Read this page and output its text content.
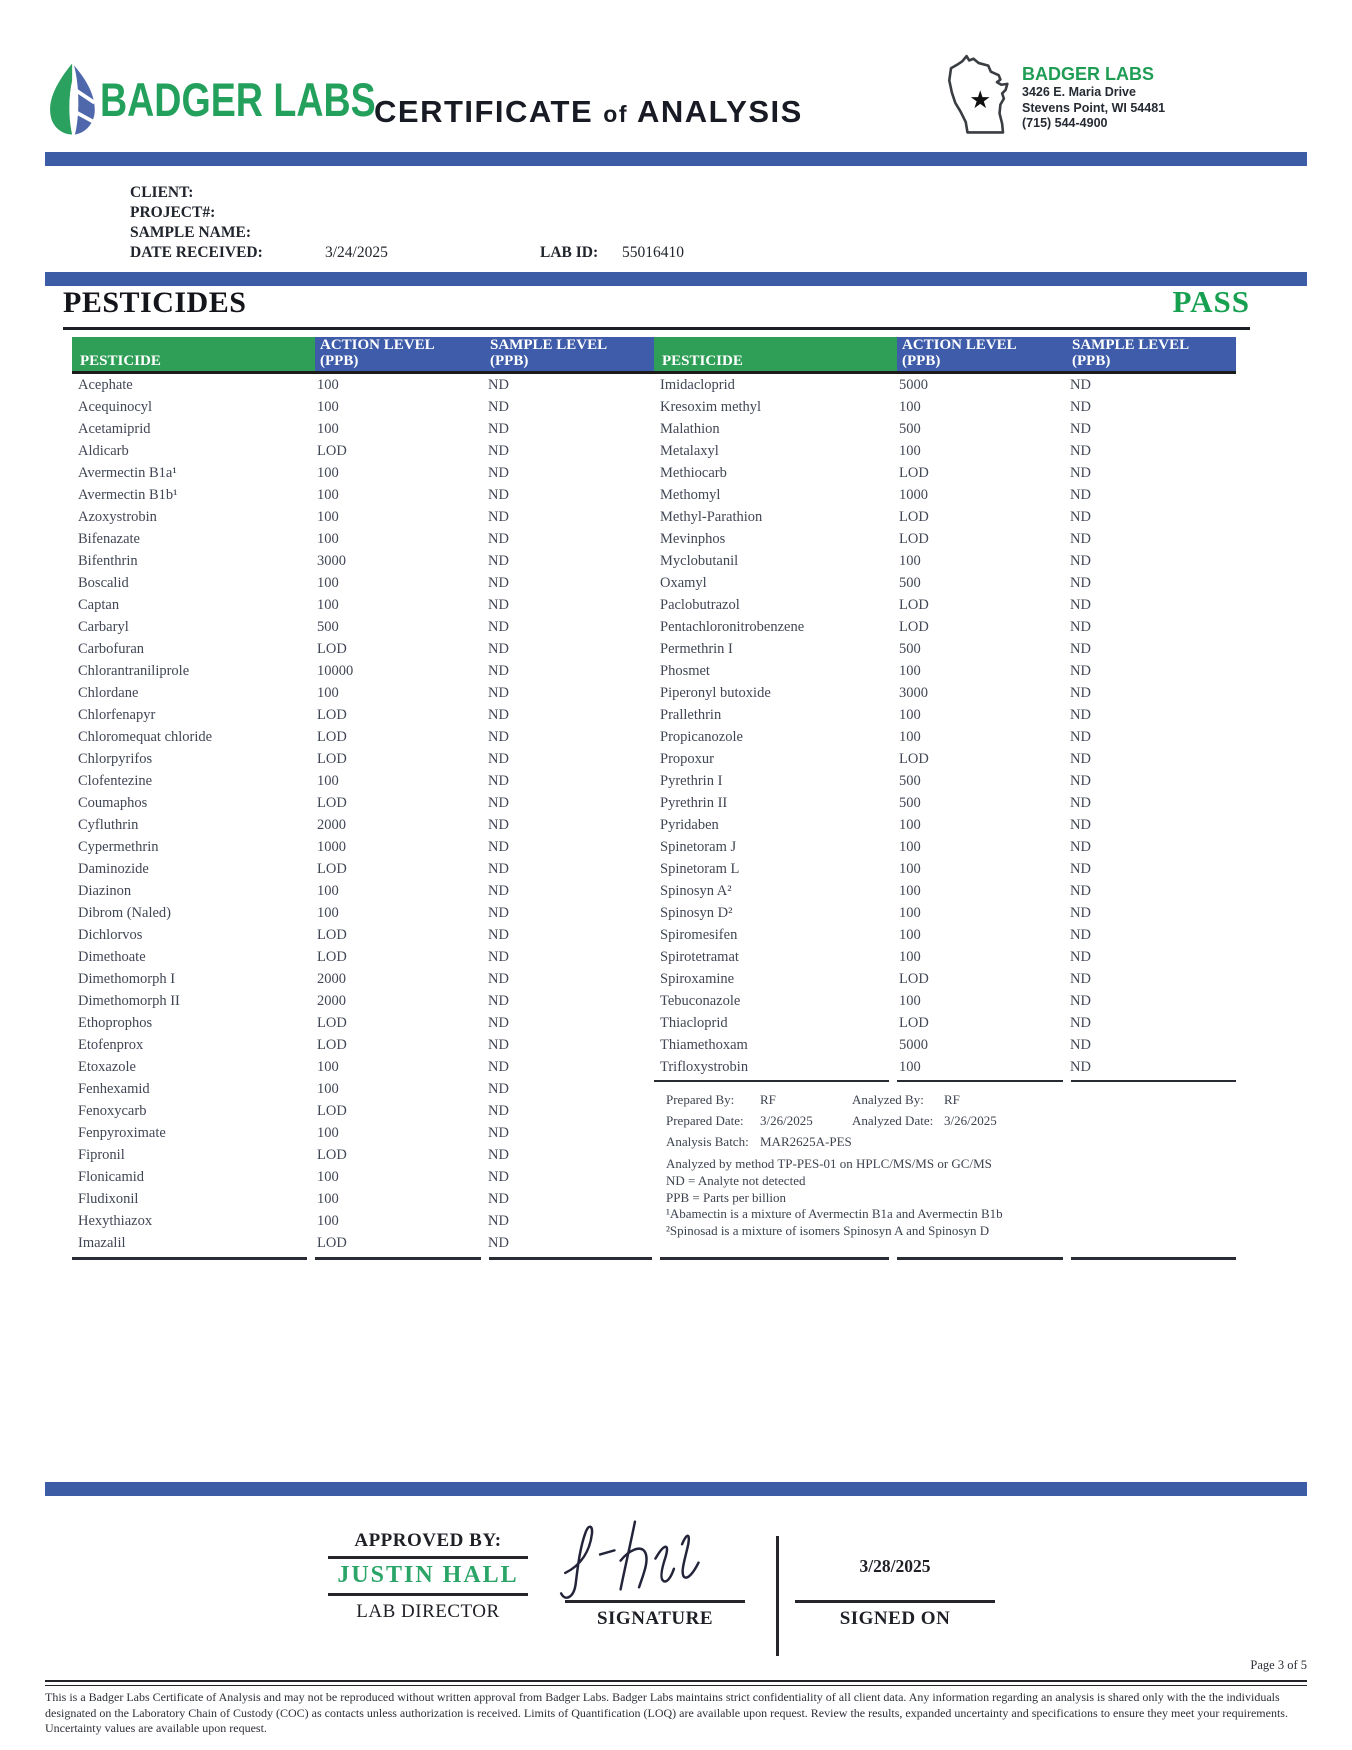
BADGER LABS
CERTIFICATE of ANALYSIS	★
BADGER LABS
3426 E. Maria Drive
Stevens Point, WI 54481
(715) 544-4900
CLIENT:
PROJECT#:
SAMPLE NAME:
DATE RECEIVED:	3/24/2025	LAB ID: 55016410
PESTICIDES	PASS
PESTICIDE
ACTION LEVEL
(PPB)
SAMPLE LEVEL
(PPB)	PESTICIDE
ACTION LEVEL
(PPB)
SAMPLE LEVEL
(PPB)
Acephate	100	ND
Acequinocyl	100	ND
Acetamiprid	100	ND
Aldicarb	LOD	ND
Avermectin B1a¹	100	ND
Avermectin B1b¹	100	ND
Azoxystrobin	100	ND
Bifenazate	100	ND
Bifenthrin	3000	ND
Boscalid	100	ND
Captan	100	ND
Carbaryl	500	ND
Carbofuran	LOD	ND
Chlorantraniliprole	10000	ND
Chlordane	100	ND
Chlorfenapyr	LOD	ND
Chloromequat chloride	LOD	ND
Chlorpyrifos	LOD	ND
Clofentezine	100	ND
Coumaphos	LOD	ND
Cyfluthrin	2000	ND
Cypermethrin	1000	ND
Daminozide	LOD	ND
Diazinon	100	ND
Dibrom (Naled)	100	ND
Dichlorvos	LOD	ND
Dimethoate	LOD	ND
Dimethomorph I	2000	ND
Dimethomorph II	2000	ND
Ethoprophos	LOD	ND
Etofenprox	LOD	ND
Etoxazole	100	ND
Fenhexamid	100	ND
Fenoxycarb	LOD	ND
Fenpyroximate	100	ND
Fipronil	LOD	ND
Flonicamid	100	ND
Fludixonil	100	ND
Hexythiazox	100	ND
Imazalil	LOD	ND
Imidacloprid	5000	ND
Kresoxim methyl	100	ND
Malathion	500	ND
Metalaxyl	100	ND
Methiocarb	LOD	ND
Methomyl	1000	ND
Methyl-Parathion	LOD	ND
Mevinphos	LOD	ND
Myclobutanil	100	ND
Oxamyl	500	ND
Paclobutrazol	LOD	ND
Pentachloronitrobenzene	LOD	ND
Permethrin I	500	ND
Phosmet	100	ND
Piperonyl butoxide	3000	ND
Prallethrin	100	ND
Propicanozole	100	ND
Propoxur	LOD	ND
Pyrethrin I	500	ND
Pyrethrin II	500	ND
Pyridaben	100	ND
Spinetoram J	100	ND
Spinetoram L	100	ND
Spinosyn A²	100	ND
Spinosyn D²	100	ND
Spiromesifen	100	ND
Spirotetramat	100	ND
Spiroxamine	LOD	ND
Tebuconazole	100	ND
Thiacloprid	LOD	ND
Thiamethoxam	5000	ND
Trifloxystrobin	100	ND
Prepared By: RF	Analyzed By: RF
Prepared Date: 3/26/2025	Analyzed Date: 3/26/2025
Analysis Batch: MAR2625A-PES
Analyzed by method TP-PES-01 on HPLC/MS/MS or GC/MS
ND = Analyte not detected
PPB = Parts per billion
¹Abamectin is a mixture of Avermectin B1a and Avermectin B1b
²Spinosad is a mixture of isomers Spinosyn A and Spinosyn D
APPROVED BY:
JUSTIN HALL
LAB DIRECTOR	SIGNATURE
3/28/2025
SIGNED ON
Page 3 of 5
This is a Badger Labs Certificate of Analysis and may not be reproduced without written approval from Badger Labs. Badger Labs maintains strict confidentiality of all client data. Any information regarding an analysis is shared only with the the individuals designated on the Laboratory Chain of Custody (COC) as contacts unless authorization is received. Limits of Quantification (LOQ) are available upon request. Review the results, expanded uncertainty and specifications to ensure they meet your requirements. Uncertainty values are available upon request.
